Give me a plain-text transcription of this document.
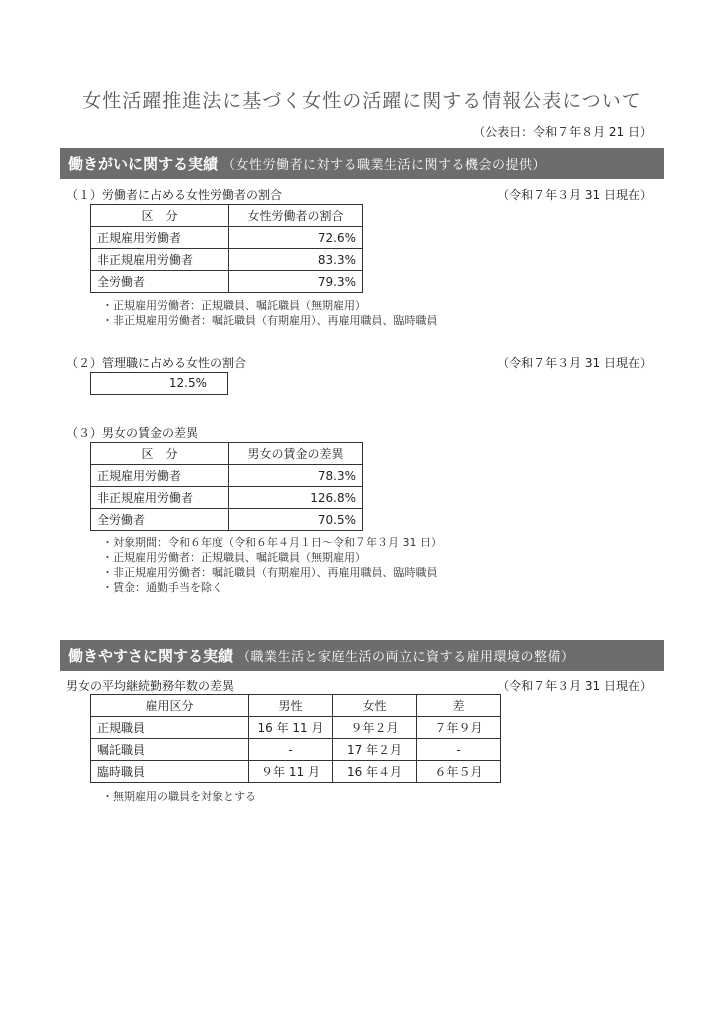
女性活躍推進法に基づく女性の活躍に関する情報公表について
（公表日：令和７年８月 21 日）
働きがいに関する実績 （女性労働者に対する職業生活に関する機会の提供）
（１）労働者に占める女性労働者の割合	（令和７年３月 31 日現在）
区　分	女性労働者の割合
正規雇用労働者	72.6%
非正規雇用労働者	83.3%
全労働者	79.3%
・正規雇用労働者：正規職員、嘱託職員（無期雇用）
・非正規雇用労働者：嘱託職員（有期雇用）、再雇用職員、臨時職員
（２）管理職に占める女性の割合	（令和７年３月 31 日現在）
12.5%
（３）男女の賃金の差異
区　分	男女の賃金の差異
正規雇用労働者	78.3%
非正規雇用労働者	126.8%
全労働者	70.5%
・対象期間：令和６年度（令和６年４月１日～令和７年３月 31 日）
・正規雇用労働者：正規職員、嘱託職員（無期雇用）
・非正規雇用労働者：嘱託職員（有期雇用）、再雇用職員、臨時職員
・賃金：通勤手当を除く
働きやすさに関する実績 （職業生活と家庭生活の両立に資する雇用環境の整備）
男女の平均継続勤務年数の差異	（令和７年３月 31 日現在）
雇用区分	男性	女性	差
正規職員	16 年 11 月	９年２月	７年９月
嘱託職員	-	17 年２月	-
臨時職員	９年 11 月	16 年４月	６年５月
・無期雇用の職員を対象とする
